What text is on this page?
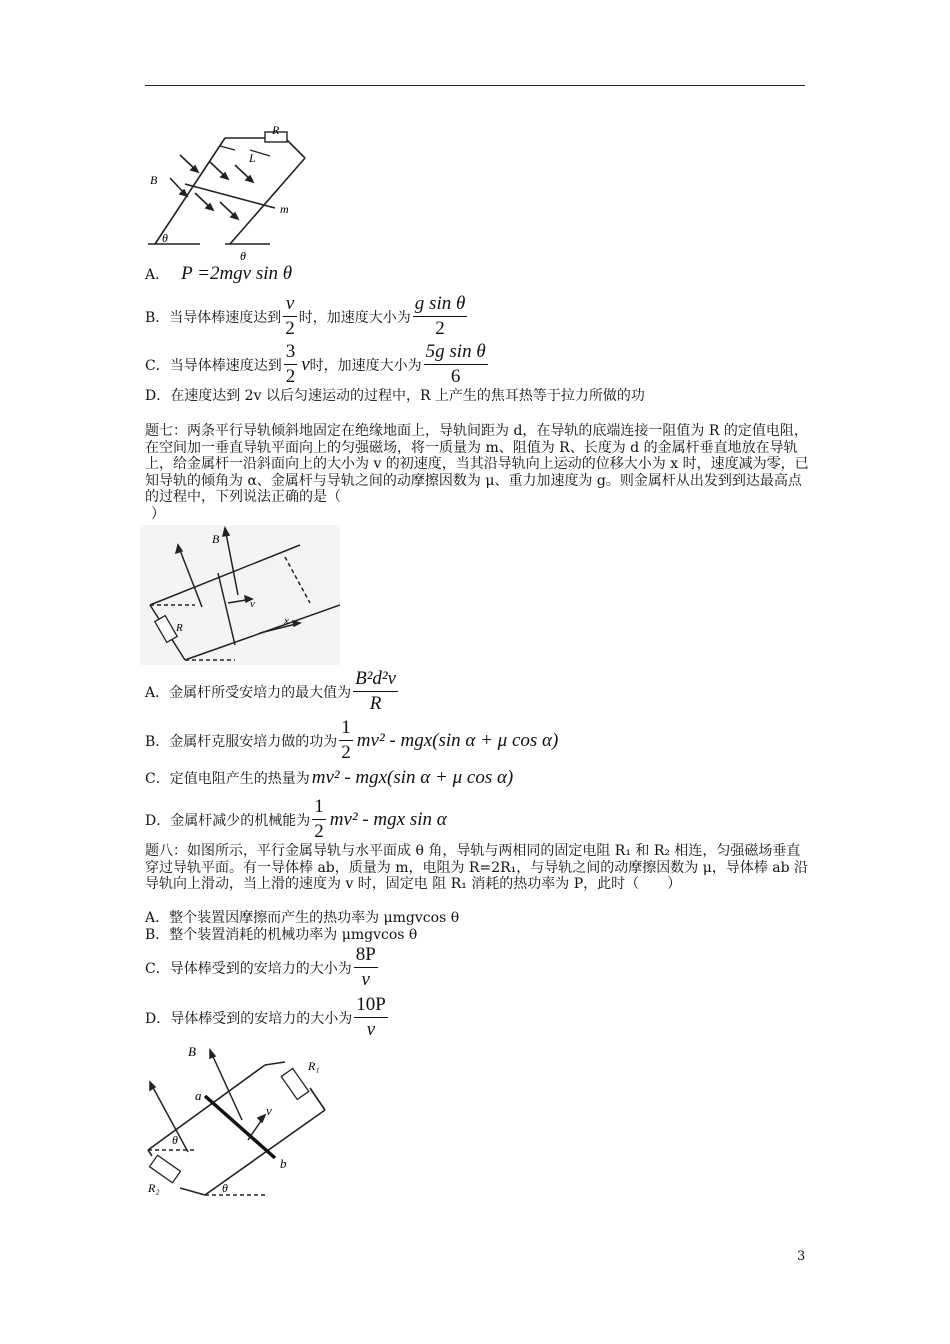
R
L
B
m
θ
θ
A． P =2mgv sin θ
B．当导体棒速度达到 $\frac{v}{2}$ 时，加速度大小为 $\frac{\text{g sin θ}}{2}$
C．当导体棒速度达到 $\frac{3}{2}$ v 时，加速度大小为 $\frac{\text{5g sin θ}}{6}$
D．在速度达到 2v 以后匀速运动的过程中，R 上产生的焦耳热等于拉力所做的功
题七：两条平行导轨倾斜地固定在绝缘地面上，导轨间距为 d，在导轨的底端连接一阻值为 R 的定值电阻，在空间加一垂直导轨平面向上的匀强磁场，将一质量为 m、阻值为 R、长度为 d 的金属杆垂直地放在导轨上，给金属杆一沿斜面向上的大小为 v 的初速度，当其沿导轨向上运动的位移大小为 x 时，速度减为零，已知导轨的倾角为 α、金属杆与导轨之间的动摩擦因数为 μ、重力加速度为 g。则金属杆从出发到到达最高点的过程中，下列说法正确的是（
）
B
v
x
R
A．金属杆所受安培力的最大值为 $\frac{\text{B²d²v}}{R}$
B．金属杆克服安培力做的功为 $\frac{1}{2} mv^2 - mgx(\sin$ α + μ cos α)
C．定值电阻产生的热量为 mv² - mgx(sin α + μ cos α)
D．金属杆减少的机械能为 $\frac{1}{2} mv^2$ - mgx sin α
题八：如图所示，平行金属导轨与水平面成 θ 角，导轨与两相同的固定电阻 R₁ 和 R₂ 相连，匀强磁场垂直穿过导轨平面。有一导体棒 ab，质量为 m，电阻为 R=2R₁，与导轨之间的动摩擦因数为 μ，导体棒 ab 沿导轨向上滑动，当上滑的速度为 v 时，固定电 阻 R₁ 消耗的热功率为 P，此时（　　）
A．整个装置因摩擦而产生的热功率为 μmgvcos θ
B．整个装置消耗的机械功率为 μmgvcos θ
C．导体棒受到的安培力的大小为 $\frac{8P}{v}$
D．导体棒受到的安培力的大小为 $\frac{10P}{v}$
B
a
b
v
R₁
R₂
θ
θ
3
